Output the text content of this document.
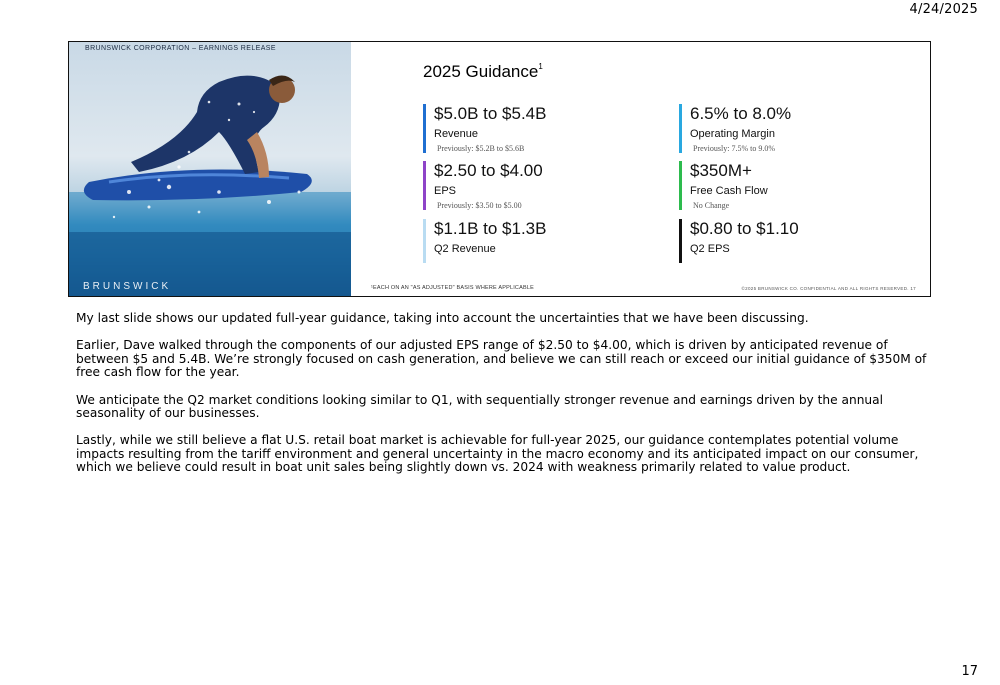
4/24/2025
BRUNSWICK CORPORATION – EARNINGS RELEASE
BRUNSWICK
2025 Guidance$^1$
$5.0B to $5.4B
Revenue
Previously: $5.2B to $5.6B
6.5% to 8.0%
Operating Margin
Previously: 7.5% to 9.0%
$2.50 to $4.00
EPS
Previously: $3.50 to $5.00
$350M+
Free Cash Flow
No Change
$1.1B to $1.3B
Q2 Revenue
$0.80 to $1.10
Q2 EPS
¹EACH ON AN "AS ADJUSTED" BASIS WHERE APPLICABLE	©2025 BRUNSWICK CO. CONFIDENTIAL AND ALL RIGHTS RESERVED. 17

My last slide shows our updated full-year guidance, taking into account the uncertainties that we have been discussing.

Earlier, Dave walked through the components of our adjusted EPS range of $2.50 to $4.00, which is driven by anticipated revenue of between $5 and 5.4B. We’re strongly focused on cash generation, and believe we can still reach or exceed our initial guidance of $350M of free cash flow for the year.

We anticipate the Q2 market conditions looking similar to Q1, with sequentially stronger revenue and earnings driven by the annual seasonality of our businesses.

Lastly, while we still believe a flat U.S. retail boat market is achievable for full-year 2025, our guidance contemplates potential volume impacts resulting from the tariff environment and general uncertainty in the macro economy and its anticipated impact on our consumer, which we believe could result in boat unit sales being slightly down vs. 2024 with weakness primarily related to value product.

17
